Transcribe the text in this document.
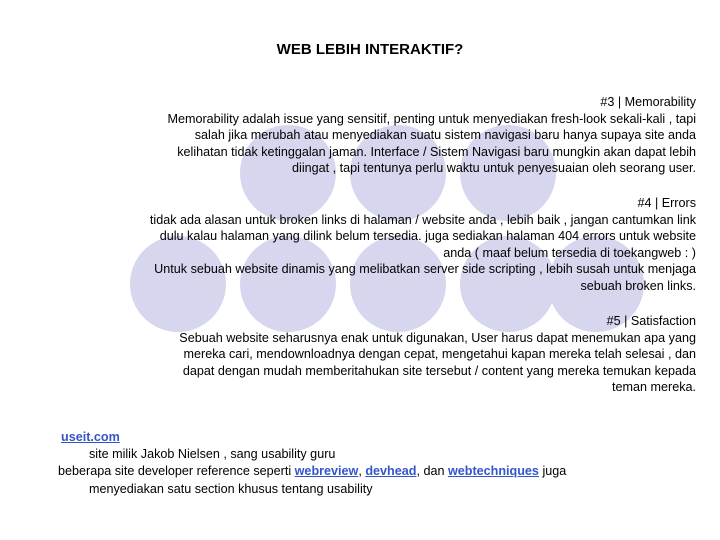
WEB LEBIH INTERAKTIF?
#3 | Memorability
Memorability adalah issue yang sensitif, penting untuk menyediakan fresh-look sekali-kali , tapi
salah jika merubah atau menyediakan suatu sistem navigasi baru hanya supaya site anda
kelihatan tidak ketinggalan jaman. Interface / Sistem Navigasi baru mungkin akan dapat lebih
diingat , tapi tentunya perlu waktu untuk penyesuaian oleh seorang user.
#4 | Errors
tidak ada alasan untuk broken links di halaman / website anda , lebih baik , jangan cantumkan link
dulu kalau halaman yang dilink belum tersedia. juga sediakan halaman 404 errors untuk website
anda ( maaf belum tersedia di toekangweb : )
Untuk sebuah website dinamis yang melibatkan server side scripting , lebih susah untuk menjaga
sebuah broken links.
#5 | Satisfaction
Sebuah website seharusnya enak untuk digunakan, User harus dapat menemukan apa yang
mereka cari, mendownloadnya dengan cepat, mengetahui kapan mereka telah selesai , dan
dapat dengan mudah memberitahukan site tersebut / content yang mereka temukan kepada
teman mereka.
useit.com
site milik Jakob Nielsen , sang usability guru
beberapa site developer reference seperti webreview, devhead, dan webtechniques juga
menyediakan satu section khusus tentang usability
